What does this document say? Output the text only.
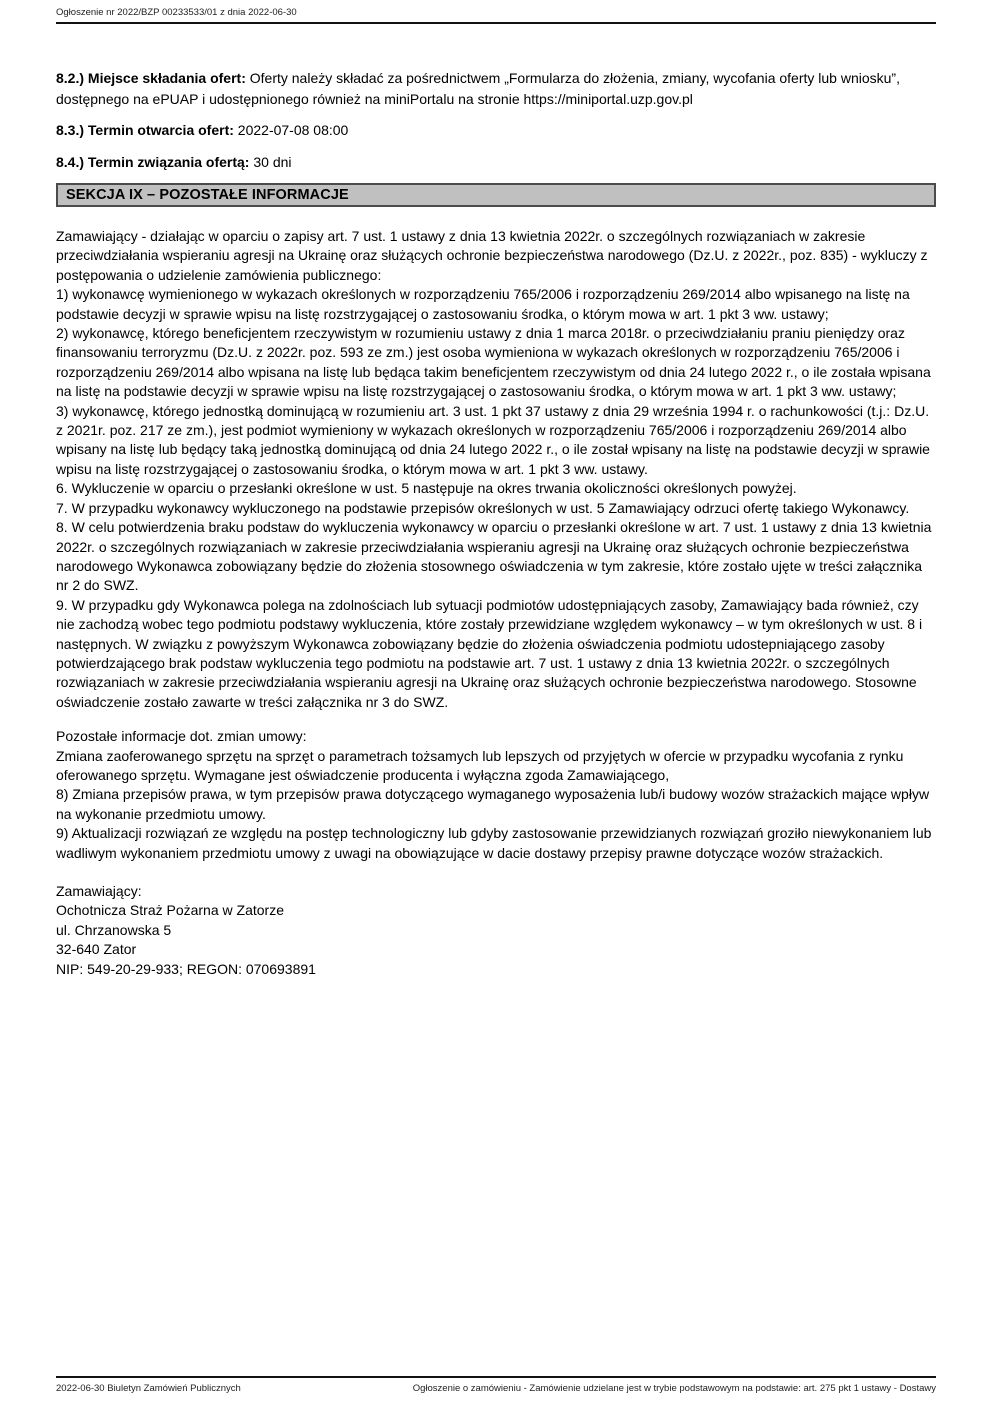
Ogłoszenie nr 2022/BZP 00233533/01 z dnia 2022-06-30

8.2.) Miejsce składania ofert: Oferty należy składać za pośrednictwem „Formularza do złożenia, zmiany, wycofania oferty lub wniosku”, dostępnego na ePUAP i udostępnionego również na miniPortalu na stronie https://miniportal.uzp.gov.pl

8.3.) Termin otwarcia ofert: 2022-07-08 08:00

8.4.) Termin związania ofertą: 30 dni

SEKCJA IX – POZOSTAŁE INFORMACJE

Zamawiający - działając w oparciu o zapisy art. 7 ust. 1 ustawy z dnia 13 kwietnia 2022r. o szczególnych rozwiązaniach w zakresie przeciwdziałania wspieraniu agresji na Ukrainę oraz służących ochronie bezpieczeństwa narodowego (Dz.U. z 2022r., poz. 835) - wykluczy z postępowania o udzielenie zamówienia publicznego:

1) wykonawcę wymienionego w wykazach określonych w rozporządzeniu 765/2006 i rozporządzeniu 269/2014 albo wpisanego na listę na podstawie decyzji w sprawie wpisu na listę rozstrzygającej o zastosowaniu środka, o którym mowa w art. 1 pkt 3 ww. ustawy;

2) wykonawcę, którego beneficjentem rzeczywistym w rozumieniu ustawy z dnia 1 marca 2018r. o przeciwdziałaniu praniu pieniędzy oraz finansowaniu terroryzmu (Dz.U. z 2022r. poz. 593 ze zm.) jest osoba wymieniona w wykazach określonych w rozporządzeniu 765/2006 i rozporządzeniu 269/2014 albo wpisana na listę lub będąca takim beneficjentem rzeczywistym od dnia 24 lutego 2022 r., o ile została wpisana na listę na podstawie decyzji w sprawie wpisu na listę rozstrzygającej o zastosowaniu środka, o którym mowa w art. 1 pkt 3 ww. ustawy;

3) wykonawcę, którego jednostką dominującą w rozumieniu art. 3 ust. 1 pkt 37 ustawy z dnia 29 września 1994 r. o rachunkowości (t.j.: Dz.U. z 2021r. poz. 217 ze zm.), jest podmiot wymieniony w wykazach określonych w rozporządzeniu 765/2006 i rozporządzeniu 269/2014 albo wpisany na listę lub będący taką jednostką dominującą od dnia 24 lutego 2022 r., o ile został wpisany na listę na podstawie decyzji w sprawie wpisu na listę rozstrzygającej o zastosowaniu środka, o którym mowa w art. 1 pkt 3 ww. ustawy.

6. Wykluczenie w oparciu o przesłanki określone w ust. 5 następuje na okres trwania okoliczności określonych powyżej.

7. W przypadku wykonawcy wykluczonego na podstawie przepisów określonych w ust. 5 Zamawiający odrzuci ofertę takiego Wykonawcy.

8. W celu potwierdzenia braku podstaw do wykluczenia wykonawcy w oparciu o przesłanki określone w art. 7 ust. 1 ustawy z dnia 13 kwietnia 2022r. o szczególnych rozwiązaniach w zakresie przeciwdziałania wspieraniu agresji na Ukrainę oraz służących ochronie bezpieczeństwa narodowego Wykonawca zobowiązany będzie do złożenia stosownego oświadczenia w tym zakresie, które zostało ujęte w treści załącznika nr 2 do SWZ.

9. W przypadku gdy Wykonawca polega na zdolnościach lub sytuacji podmiotów udostępniających zasoby, Zamawiający bada również, czy nie zachodzą wobec tego podmiotu podstawy wykluczenia, które zostały przewidziane względem wykonawcy – w tym określonych w ust. 8 i następnych. W związku z powyższym Wykonawca zobowiązany będzie do złożenia oświadczenia podmiotu udostepniającego zasoby potwierdzającego brak podstaw wykluczenia tego podmiotu na podstawie art. 7 ust. 1 ustawy z dnia 13 kwietnia 2022r. o szczególnych rozwiązaniach w zakresie przeciwdziałania wspieraniu agresji na Ukrainę oraz służących ochronie bezpieczeństwa narodowego. Stosowne oświadczenie zostało zawarte w treści załącznika nr 3 do SWZ.

Pozostałe informacje dot. zmian umowy:

Zmiana zaoferowanego sprzętu na sprzęt o parametrach tożsamych lub lepszych od przyjętych w ofercie w przypadku wycofania z rynku oferowanego sprzętu. Wymagane jest oświadczenie producenta i wyłączna zgoda Zamawiającego,

8) Zmiana przepisów prawa, w tym przepisów prawa dotyczącego wymaganego wyposażenia lub/i budowy wozów strażackich mające wpływ na wykonanie przedmiotu umowy.

9) Aktualizacji rozwiązań ze względu na postęp technologiczny lub gdyby zastosowanie przewidzianych rozwiązań groziło niewykonaniem lub wadliwym wykonaniem przedmiotu umowy z uwagi na obowiązujące w dacie dostawy przepisy prawne dotyczące wozów strażackich.

Zamawiający:

Ochotnicza Straż Pożarna w Zatorze

ul. Chrzanowska 5

32-640 Zator

NIP: 549-20-29-933; REGON: 070693891

2022-06-30 Biuletyn Zamówień Publicznych	Ogłoszenie o zamówieniu - Zamówienie udzielane jest w trybie podstawowym na podstawie: art. 275 pkt 1 ustawy - Dostawy
